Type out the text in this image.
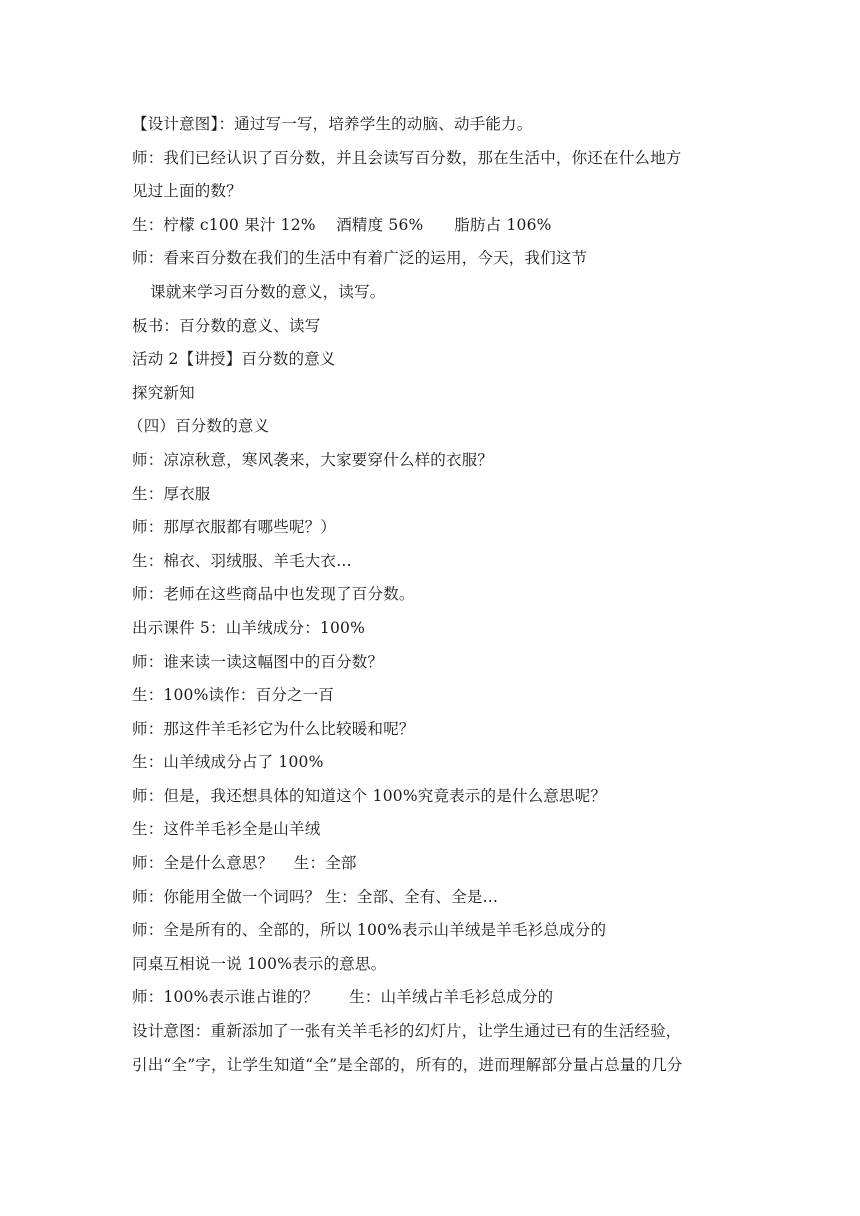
【设计意图】：通过写一写，培养学生的动脑、动手能力。
师：我们已经认识了百分数，并且会读写百分数，那在生活中，你还在什么地方
见过上面的数？
生：柠檬 c100 果汁 12%    酒精度 56%      脂肪占 106%
师：看来百分数在我们的生活中有着广泛的运用，今天，我们这节
课就来学习百分数的意义，读写。
板书：百分数的意义、读写
活动 2【讲授】百分数的意义
探究新知
（四）百分数的意义
师：凉凉秋意，寒风袭来，大家要穿什么样的衣服？
生：厚衣服
师：那厚衣服都有哪些呢？）
生：棉衣、羽绒服、羊毛大衣…
师：老师在这些商品中也发现了百分数。
出示课件 5：山羊绒成分：100%
师：谁来读一读这幅图中的百分数？
生：100%读作：百分之一百
师：那这件羊毛衫它为什么比较暖和呢？
生：山羊绒成分占了 100%
师：但是，我还想具体的知道这个 100%究竟表示的是什么意思呢？
生：这件羊毛衫全是山羊绒
师：全是什么意思？    生：全部
师：你能用全做一个词吗？ 生：全部、全有、全是…
师：全是所有的、全部的，所以 100%表示山羊绒是羊毛衫总成分的
同桌互相说一说 100%表示的意思。
师：100%表示谁占谁的？      生：山羊绒占羊毛衫总成分的
设计意图：重新添加了一张有关羊毛衫的幻灯片，让学生通过已有的生活经验，
引出“全”字，让学生知道“全”是全部的，所有的，进而理解部分量占总量的几分
